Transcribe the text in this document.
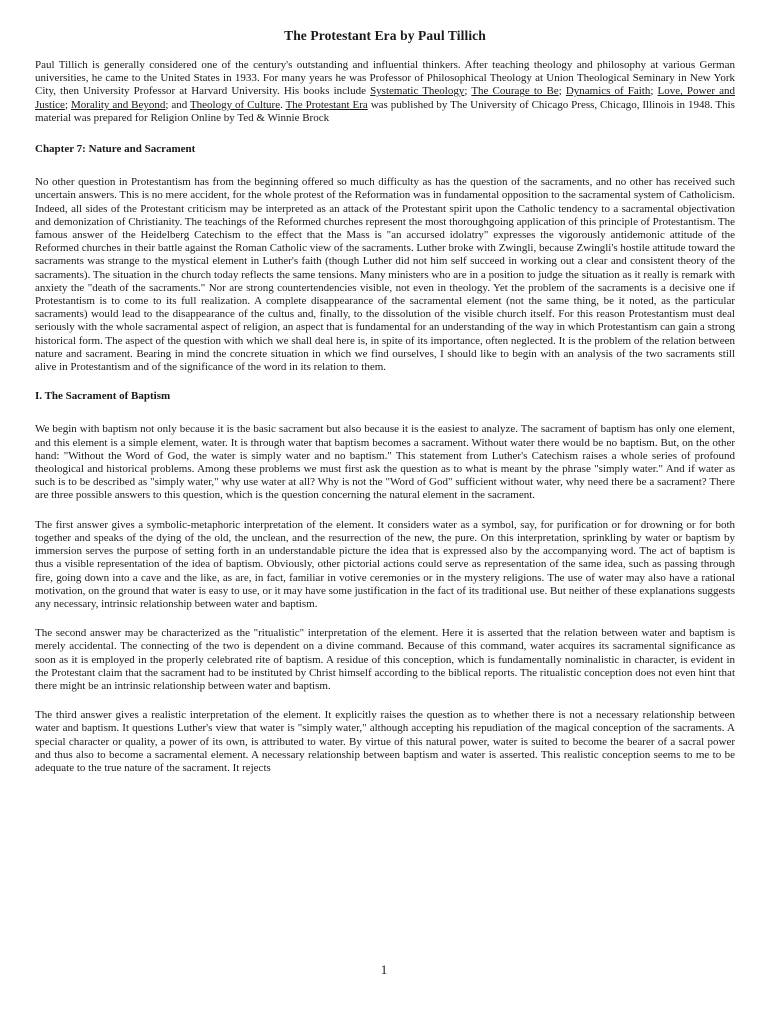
The Protestant Era by Paul Tillich

Paul Tillich is generally considered one of the century's outstanding and influential thinkers. After teaching theology and philosophy at various German universities, he came to the United States in 1933. For many years he was Professor of Philosophical Theology at Union Theological Seminary in New York City, then University Professor at Harvard University. His books include Systematic Theology; The Courage to Be; Dynamics of Faith; Love, Power and Justice; Morality and Beyond; and Theology of Culture. The Protestant Era was published by The University of Chicago Press, Chicago, Illinois in 1948. This material was prepared for Religion Online by Ted & Winnie Brock

Chapter 7: Nature and Sacrament

No other question in Protestantism has from the beginning offered so much difficulty as has the question of the sacraments, and no other has received such uncertain answers. This is no mere accident, for the whole protest of the Reformation was in fundamental opposition to the sacramental system of Catholicism. Indeed, all sides of the Protestant criticism may be interpreted as an attack of the Protestant spirit upon the Catholic tendency to a sacramental objectivation and demonization of Christianity. The teachings of the Reformed churches represent the most thoroughgoing application of this principle of Protestantism. The famous answer of the Heidelberg Catechism to the effect that the Mass is "an accursed idolatry" expresses the vigorously antidemonic attitude of the Reformed churches in their battle against the Roman Catholic view of the sacraments. Luther broke with Zwingli, because Zwingli's hostile attitude toward the sacraments was strange to the mystical element in Luther's faith (though Luther did not him self succeed in working out a clear and consistent theory of the sacraments). The situation in the church today reflects the same tensions. Many ministers who are in a position to judge the situation as it really is remark with anxiety the "death of the sacraments." Nor are strong countertendencies visible, not even in theology. Yet the problem of the sacraments is a decisive one if Protestantism is to come to its full realization. A complete disappearance of the sacramental element (not the same thing, be it noted, as the particular sacraments) would lead to the disappearance of the cultus and, finally, to the dissolution of the visible church itself. For this reason Protestantism must deal seriously with the whole sacramental aspect of religion, an aspect that is fundamental for an understanding of the way in which Protestantism can gain a strong historical form. The aspect of the question with which we shall deal here is, in spite of its importance, often neglected. It is the problem of the relation between nature and sacrament. Bearing in mind the concrete situation in which we find ourselves, I should like to begin with an analysis of the two sacraments still alive in Protestantism and of the significance of the word in its relation to them.

I. The Sacrament of Baptism

We begin with baptism not only because it is the basic sacrament but also because it is the easiest to analyze. The sacrament of baptism has only one element, and this element is a simple element, water. It is through water that baptism becomes a sacrament. Without water there would be no baptism. But, on the other hand: "Without the Word of God, the water is simply water and no baptism." This statement from Luther's Catechism raises a whole series of profound theological and historical problems. Among these problems we must first ask the question as to what is meant by the phrase "simply water." And if water as such is to be described as "simply water," why use water at all? Why is not the "Word of God" sufficient without water, why need there be a sacrament? There are three possible answers to this question, which is the question concerning the natural element in the sacrament.

The first answer gives a symbolic-metaphoric interpretation of the element. It considers water as a symbol, say, for purification or for drowning or for both together and speaks of the dying of the old, the unclean, and the resurrection of the new, the pure. On this interpretation, sprinkling by water or baptism by immersion serves the purpose of setting forth in an understandable picture the idea that is expressed also by the accompanying word. The act of baptism is thus a visible representation of the idea of baptism. Obviously, other pictorial actions could serve as representation of the same idea, such as passing through fire, going down into a cave and the like, as are, in fact, familiar in votive ceremonies or in the mystery religions. The use of water may also have a rational motivation, on the ground that water is easy to use, or it may have some justification in the fact of its traditional use. But neither of these explanations suggests any necessary, intrinsic relationship between water and baptism.

The second answer may be characterized as the "ritualistic" interpretation of the element. Here it is asserted that the relation between water and baptism is merely accidental. The connecting of the two is dependent on a divine command. Because of this command, water acquires its sacramental significance as soon as it is employed in the properly celebrated rite of baptism. A residue of this conception, which is fundamentally nominalistic in character, is evident in the Protestant claim that the sacrament had to be instituted by Christ himself according to the biblical reports. The ritualistic conception does not even hint that there might be an intrinsic relationship between water and baptism.

The third answer gives a realistic interpretation of the element. It explicitly raises the question as to whether there is not a necessary relationship between water and baptism. It questions Luther's view that water is "simply water," although accepting his repudiation of the magical conception of the sacraments. A special character or quality, a power of its own, is attributed to water. By virtue of this natural power, water is suited to become the bearer of a sacral power and thus also to become a sacramental element. A necessary relationship between baptism and water is asserted. This realistic conception seems to me to be adequate to the true nature of the sacrament. It rejects

1
